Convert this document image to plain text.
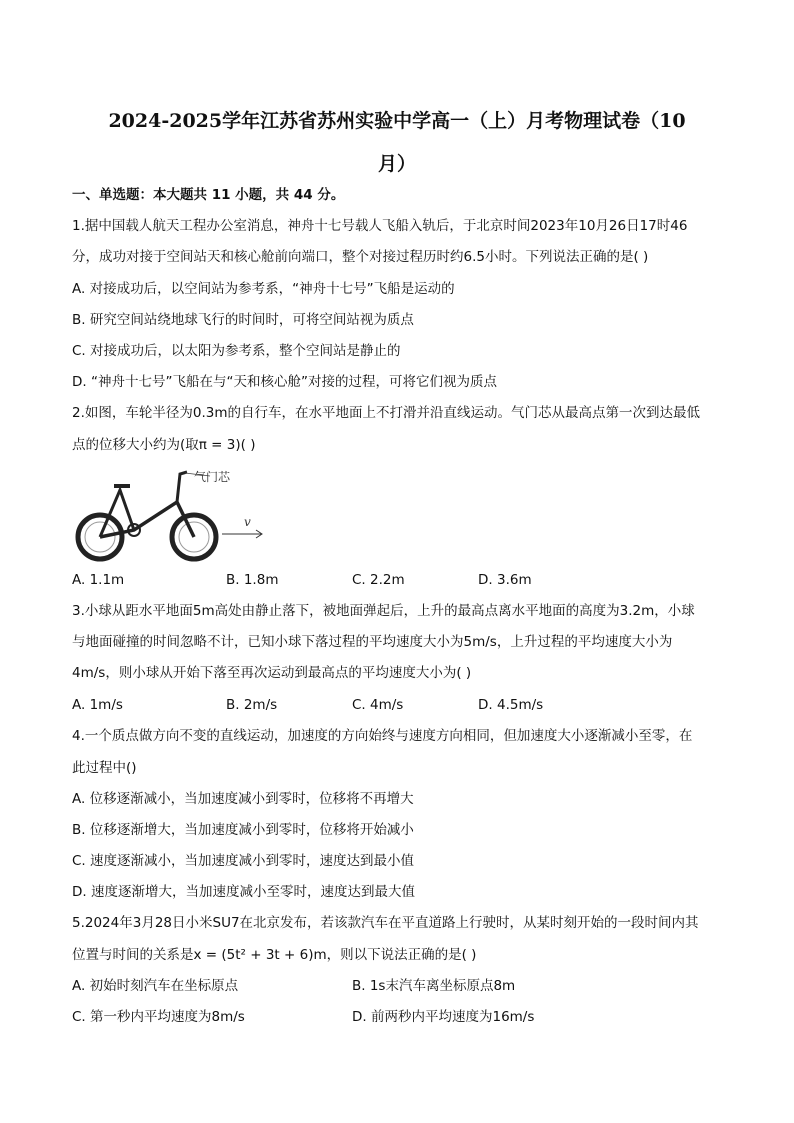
2024-2025学年江苏省苏州实验中学高一（上）月考物理试卷（10
月）
一、单选题：本大题共 11 小题，共 44 分。
1.据中国载人航天工程办公室消息，神舟十七号载人飞船入轨后，于北京时间2023年10月26日17时46
分，成功对接于空间站天和核心舱前向端口，整个对接过程历时约6.5小时。下列说法正确的是( )
A. 对接成功后，以空间站为参考系，“神舟十七号”飞船是运动的
B. 研究空间站绕地球飞行的时间时，可将空间站视为质点
C. 对接成功后，以太阳为参考系，整个空间站是静止的
D. “神舟十七号”飞船在与“天和核心舱”对接的过程，可将它们视为质点
2.如图，车轮半径为0.3m的自行车，在水平地面上不打滑并沿直线运动。气门芯从最高点第一次到达最低
点的位移大小约为(取π = 3)( )
气门芯
v
A. 1.1m	B. 1.8m	C. 2.2m	D. 3.6m
3.小球从距水平地面5m高处由静止落下，被地面弹起后，上升的最高点离水平地面的高度为3.2m，小球
与地面碰撞的时间忽略不计，已知小球下落过程的平均速度大小为5m/s，上升过程的平均速度大小为
4m/s，则小球从开始下落至再次运动到最高点的平均速度大小为( )
A. 1m/s	B. 2m/s	C. 4m/s	D. 4.5m/s
4.一个质点做方向不变的直线运动，加速度的方向始终与速度方向相同，但加速度大小逐渐减小至零，在
此过程中()
A. 位移逐渐减小，当加速度减小到零时，位移将不再增大
B. 位移逐渐增大，当加速度减小到零时，位移将开始减小
C. 速度逐渐减小，当加速度减小到零时，速度达到最小值
D. 速度逐渐增大，当加速度减小至零时，速度达到最大值
5.2024年3月28日小米SU7在北京发布，若该款汽车在平直道路上行驶时，从某时刻开始的一段时间内其
位置与时间的关系是x = (5t² + 3t + 6)m，则以下说法正确的是( )
A. 初始时刻汽车在坐标原点	B. 1s末汽车离坐标原点8m
C. 第一秒内平均速度为8m/s	D. 前两秒内平均速度为16m/s
